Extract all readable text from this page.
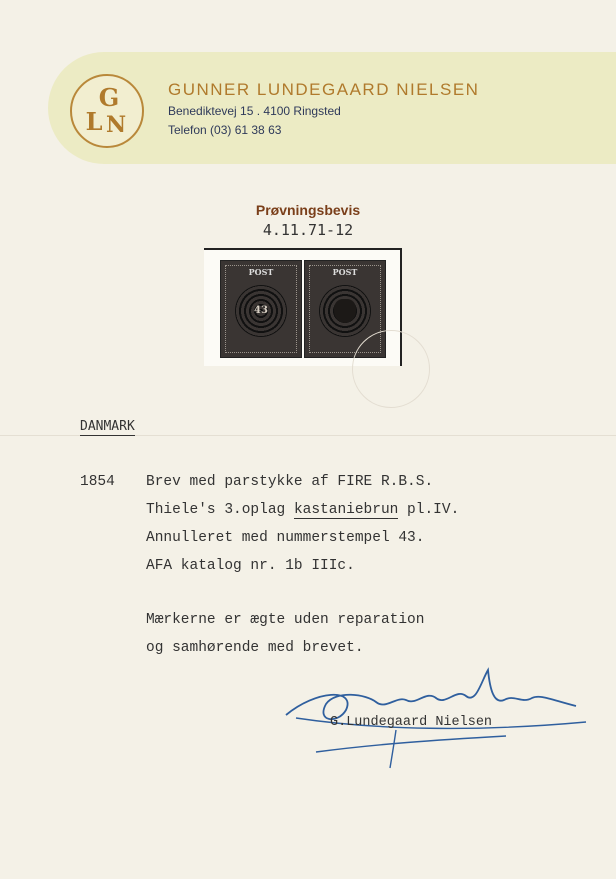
G
L N
GUNNER LUNDEGAARD NIELSEN
Benediktevej 15 . 4100 Ringsted
Telefon (03) 61 38 63
Prøvningsbevis
4.11.71-12
POST
43
POST
DANMARK
1854 Brev med parstykke af FIRE R.B.S.
Thiele's 3.oplag kastaniebrun pl.IV.
Annulleret med nummerstempel 43.
AFA katalog nr. 1b IIIc.
Mærkerne er ægte uden reparation
og samhørende med brevet.
G.Lundegaard Nielsen
